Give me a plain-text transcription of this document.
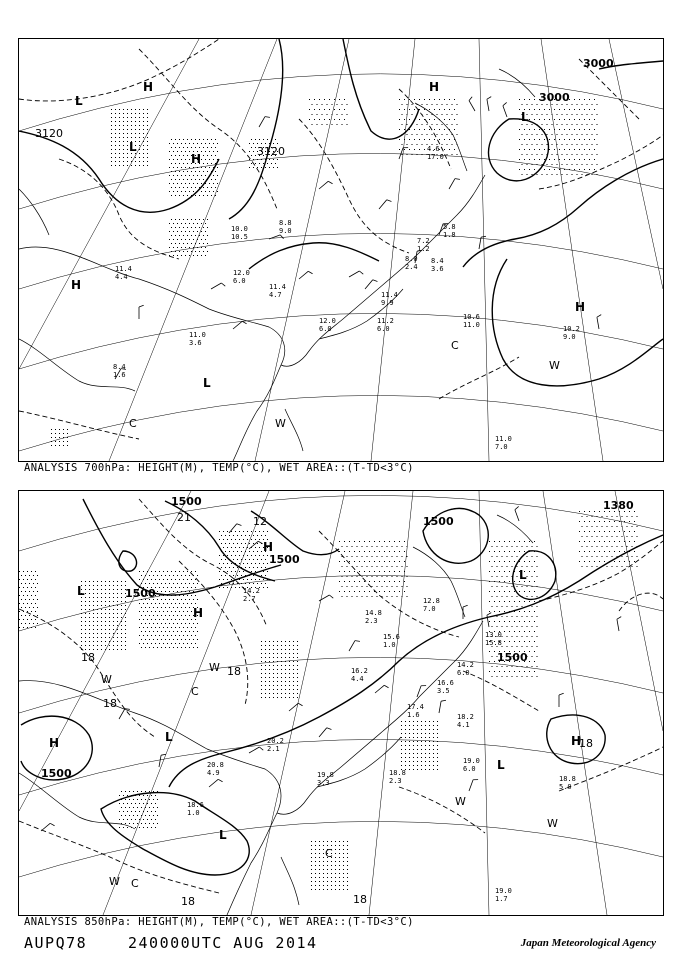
3000
3000
3120
3120
H
H
H
H
H
L
L
L
L
C
C
W
W
10.6
11.0	10.2
9.0
11.0
7.0
11.2
6.0
11.4
9.9
12.0
6.0
11.4
4.7
8.4
3.6
7.2
1.2
8.0
2.4
5.8
1.8
4.6
17.0
10.0
10.5
8.8
9.0
12.0
6.0
11.4
4.4
11.0
3.6
8.4
1.6
ANALYSIS 700hPa: HEIGHT(M), TEMP(°C), WET AREA::(T-TD<3°C)
1500
1500
1500
1500
1500
1500
1380
18
18
18
18
18	18
21	12
H
H
H
H
L
L
L
L
L
W
W
W
W
W C
C
C
19.0
6.0
18.8
5.0
19.0
1.7
18.8
2.3
19.8
3.3
20.2
2.1
18.2
4.1
16.6
3.5
12.8
7.0
14.8
2.3
15.6
1.0
16.2
4.4
14.2
6.0
13.0
15.8
20.8
4.9
18.6
1.0
17.4
1.6
14.2
2.7
ANALYSIS 850hPa: HEIGHT(M), TEMP(°C), WET AREA::(T-TD<3°C)
AUPQ78	240000UTC AUG 2014	Japan Meteorological Agency
